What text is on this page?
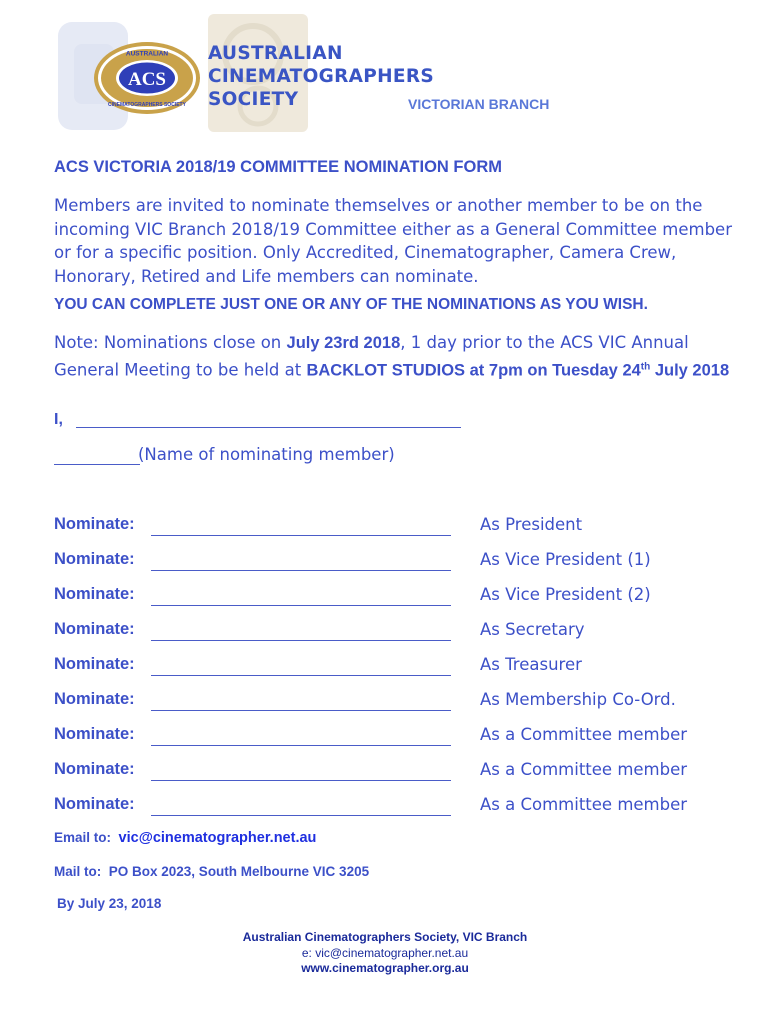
ACS
AUSTRALIAN
CINEMATOGRAPHERS SOCIETY
AUSTRALIAN
CINEMATOGRAPHERS
SOCIETY	VICTORIAN BRANCH
ACS VICTORIA 2018/19 COMMITTEE NOMINATION FORM
Members are invited to nominate themselves or another member to be on the incoming VIC Branch 2018/19 Committee either as a General Committee member or for a specific position. Only Accredited, Cinematographer, Camera Crew, Honorary, Retired and Life members can nominate.
YOU CAN COMPLETE JUST ONE OR ANY OF THE NOMINATIONS AS YOU WISH.
Note: Nominations close on July 23rd 2018, 1 day prior to the ACS VIC Annual General Meeting to be held at BACKLOT STUDIOS at 7pm on Tuesday 24th July 2018
I,
(Name of nominating member)
Nominate:	As President
Nominate:	As Vice President (1)
Nominate:	As Vice President (2)
Nominate:	As Secretary
Nominate:	As Treasurer
Nominate:	As Membership Co-Ord.
Nominate:	As a Committee member
Nominate:	As a Committee member
Nominate:	As a Committee member
Email to: vic@cinematographer.net.au
Mail to: PO Box 2023, South Melbourne VIC 3205
By July 23, 2018
Australian Cinematographers Society, VIC Branch
e: vic@cinematographer.net.au
www.cinematographer.org.au
